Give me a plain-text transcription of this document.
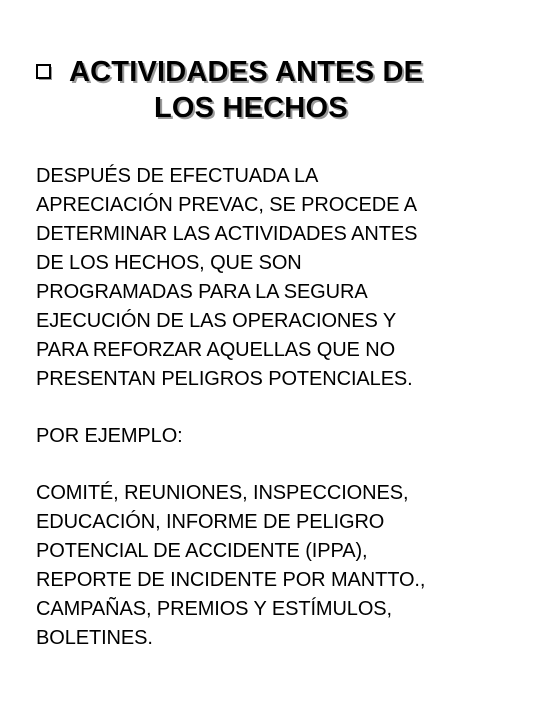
ACTIVIDADES ANTES DE
LOS HECHOS

DESPUÉS DE EFECTUADA LA

APRECIACIÓN PREVAC, SE PROCEDE A

DETERMINAR LAS ACTIVIDADES ANTES

DE LOS HECHOS, QUE SON

PROGRAMADAS PARA LA SEGURA

EJECUCIÓN DE LAS OPERACIONES Y

PARA REFORZAR AQUELLAS QUE NO

PRESENTAN PELIGROS POTENCIALES.

POR EJEMPLO:

COMITÉ, REUNIONES, INSPECCIONES,

EDUCACIÓN, INFORME DE PELIGRO

POTENCIAL DE ACCIDENTE (IPPA),

REPORTE DE INCIDENTE POR MANTTO.,

CAMPAÑAS, PREMIOS Y ESTÍMULOS,

BOLETINES.
